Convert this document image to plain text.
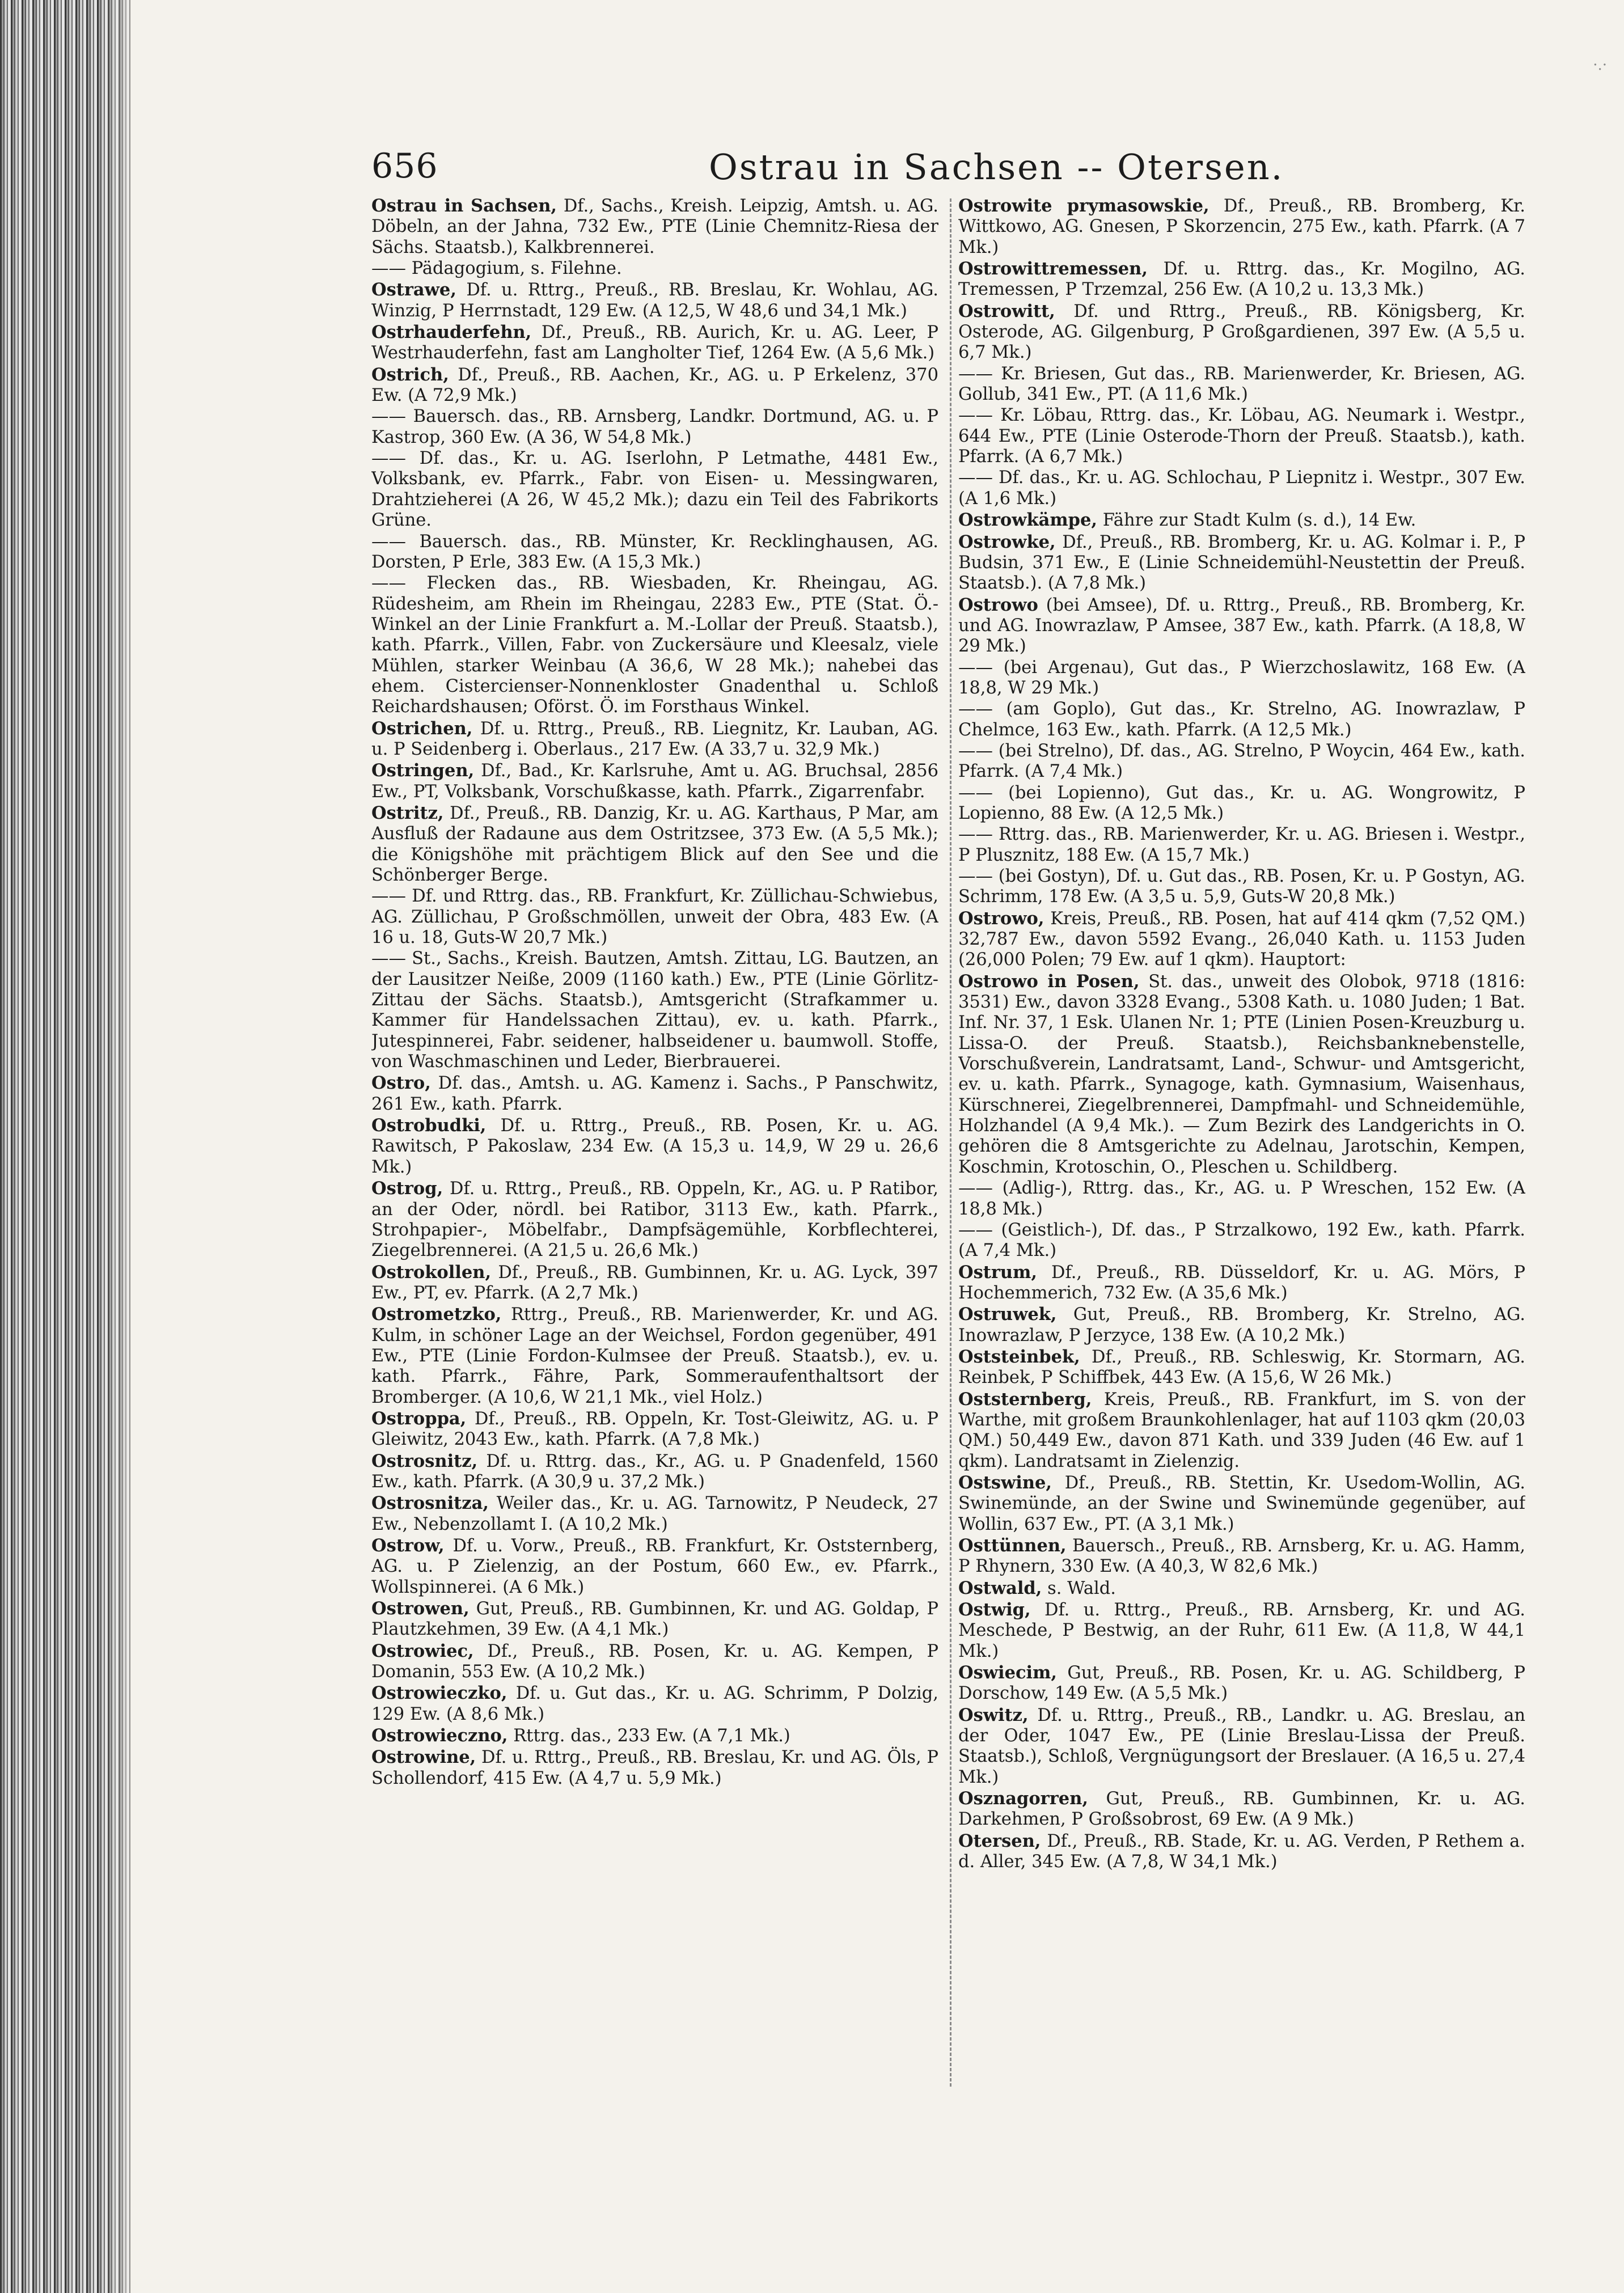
·.·
656	Ostrau in Sachsen -- Otersen.
Ostrau in Sachsen, Df., Sachs., Kreish. Leipzig, Amtsh. u. AG. Döbeln, an der Jahna, 732 Ew., PTE (Linie Chemnitz-Riesa der Sächs. Staatsb.), Kalkbrennerei.
—— Pädagogium, s. Filehne.
Ostrawe, Df. u. Rttrg., Preuß., RB. Breslau, Kr. Wohlau, AG. Winzig, P Herrnstadt, 129 Ew. (A 12,5, W 48,6 und 34,1 Mk.)
Ostrhauderfehn, Df., Preuß., RB. Aurich, Kr. u. AG. Leer, P Westrhauderfehn, fast am Langholter Tief, 1264 Ew. (A 5,6 Mk.)
Ostrich, Df., Preuß., RB. Aachen, Kr., AG. u. P Erkelenz, 370 Ew. (A 72,9 Mk.)
—— Bauersch. das., RB. Arnsberg, Landkr. Dortmund, AG. u. P Kastrop, 360 Ew. (A 36, W 54,8 Mk.)
—— Df. das., Kr. u. AG. Iserlohn, P Letmathe, 4481 Ew., Volksbank, ev. Pfarrk., Fabr. von Eisen- u. Messingwaren, Drahtzieherei (A 26, W 45,2 Mk.); dazu ein Teil des Fabrikorts Grüne.
—— Bauersch. das., RB. Münster, Kr. Recklinghausen, AG. Dorsten, P Erle, 383 Ew. (A 15,3 Mk.)
—— Flecken das., RB. Wiesbaden, Kr. Rheingau, AG. Rüdesheim, am Rhein im Rheingau, 2283 Ew., PTE (Stat. Ö.-Winkel an der Linie Frankfurt a. M.-Lollar der Preuß. Staatsb.), kath. Pfarrk., Villen, Fabr. von Zuckersäure und Kleesalz, viele Mühlen, starker Weinbau (A 36,6, W 28 Mk.); nahebei das ehem. Cistercienser-Nonnenkloster Gnadenthal u. Schloß Reichardshausen; Oförst. Ö. im Forsthaus Winkel.
Ostrichen, Df. u. Rttrg., Preuß., RB. Liegnitz, Kr. Lauban, AG. u. P Seidenberg i. Oberlaus., 217 Ew. (A 33,7 u. 32,9 Mk.)
Ostringen, Df., Bad., Kr. Karlsruhe, Amt u. AG. Bruchsal, 2856 Ew., PT, Volksbank, Vorschußkasse, kath. Pfarrk., Zigarrenfabr.
Ostritz, Df., Preuß., RB. Danzig, Kr. u. AG. Karthaus, P Mar, am Ausfluß der Radaune aus dem Ostritzsee, 373 Ew. (A 5,5 Mk.); die Königshöhe mit prächtigem Blick auf den See und die Schönberger Berge.
—— Df. und Rttrg. das., RB. Frankfurt, Kr. Züllichau-Schwiebus, AG. Züllichau, P Großschmöllen, unweit der Obra, 483 Ew. (A 16 u. 18, Guts-W 20,7 Mk.)
—— St., Sachs., Kreish. Bautzen, Amtsh. Zittau, LG. Bautzen, an der Lausitzer Neiße, 2009 (1160 kath.) Ew., PTE (Linie Görlitz-Zittau der Sächs. Staatsb.), Amtsgericht (Strafkammer u. Kammer für Handelssachen Zittau), ev. u. kath. Pfarrk., Jutespinnerei, Fabr. seidener, halbseidener u. baumwoll. Stoffe, von Waschmaschinen und Leder, Bierbrauerei.
Ostro, Df. das., Amtsh. u. AG. Kamenz i. Sachs., P Panschwitz, 261 Ew., kath. Pfarrk.
Ostrobudki, Df. u. Rttrg., Preuß., RB. Posen, Kr. u. AG. Rawitsch, P Pakoslaw, 234 Ew. (A 15,3 u. 14,9, W 29 u. 26,6 Mk.)
Ostrog, Df. u. Rttrg., Preuß., RB. Oppeln, Kr., AG. u. P Ratibor, an der Oder, nördl. bei Ratibor, 3113 Ew., kath. Pfarrk., Strohpapier-, Möbelfabr., Dampfsägemühle, Korbflechterei, Ziegelbrennerei. (A 21,5 u. 26,6 Mk.)
Ostrokollen, Df., Preuß., RB. Gumbinnen, Kr. u. AG. Lyck, 397 Ew., PT, ev. Pfarrk. (A 2,7 Mk.)
Ostrometzko, Rttrg., Preuß., RB. Marienwerder, Kr. und AG. Kulm, in schöner Lage an der Weichsel, Fordon gegenüber, 491 Ew., PTE (Linie Fordon-Kulmsee der Preuß. Staatsb.), ev. u. kath. Pfarrk., Fähre, Park, Sommeraufenthaltsort der Bromberger. (A 10,6, W 21,1 Mk., viel Holz.)
Ostroppa, Df., Preuß., RB. Oppeln, Kr. Tost-Gleiwitz, AG. u. P Gleiwitz, 2043 Ew., kath. Pfarrk. (A 7,8 Mk.)
Ostrosnitz, Df. u. Rttrg. das., Kr., AG. u. P Gnadenfeld, 1560 Ew., kath. Pfarrk. (A 30,9 u. 37,2 Mk.)
Ostrosnitza, Weiler das., Kr. u. AG. Tarnowitz, P Neudeck, 27 Ew., Nebenzollamt I. (A 10,2 Mk.)
Ostrow, Df. u. Vorw., Preuß., RB. Frankfurt, Kr. Oststernberg, AG. u. P Zielenzig, an der Postum, 660 Ew., ev. Pfarrk., Wollspinnerei. (A 6 Mk.)
Ostrowen, Gut, Preuß., RB. Gumbinnen, Kr. und AG. Goldap, P Plautzkehmen, 39 Ew. (A 4,1 Mk.)
Ostrowiec, Df., Preuß., RB. Posen, Kr. u. AG. Kempen, P Domanin, 553 Ew. (A 10,2 Mk.)
Ostrowieczko, Df. u. Gut das., Kr. u. AG. Schrimm, P Dolzig, 129 Ew. (A 8,6 Mk.)
Ostrowieczno, Rttrg. das., 233 Ew. (A 7,1 Mk.)
Ostrowine, Df. u. Rttrg., Preuß., RB. Breslau, Kr. und AG. Öls, P Schollendorf, 415 Ew. (A 4,7 u. 5,9 Mk.)
Ostrowite prymasowskie, Df., Preuß., RB. Bromberg, Kr. Wittkowo, AG. Gnesen, P Skorzencin, 275 Ew., kath. Pfarrk. (A 7 Mk.)
Ostrowittremessen, Df. u. Rttrg. das., Kr. Mogilno, AG. Tremessen, P Trzemzal, 256 Ew. (A 10,2 u. 13,3 Mk.)
Ostrowitt, Df. und Rttrg., Preuß., RB. Königsberg, Kr. Osterode, AG. Gilgenburg, P Großgardienen, 397 Ew. (A 5,5 u. 6,7 Mk.)
—— Kr. Briesen, Gut das., RB. Marienwerder, Kr. Briesen, AG. Gollub, 341 Ew., PT. (A 11,6 Mk.)
—— Kr. Löbau, Rttrg. das., Kr. Löbau, AG. Neumark i. Westpr., 644 Ew., PTE (Linie Osterode-Thorn der Preuß. Staatsb.), kath. Pfarrk. (A 6,7 Mk.)
—— Df. das., Kr. u. AG. Schlochau, P Liepnitz i. Westpr., 307 Ew. (A 1,6 Mk.)
Ostrowkämpe, Fähre zur Stadt Kulm (s. d.), 14 Ew.
Ostrowke, Df., Preuß., RB. Bromberg, Kr. u. AG. Kolmar i. P., P Budsin, 371 Ew., E (Linie Schneidemühl-Neustettin der Preuß. Staatsb.). (A 7,8 Mk.)
Ostrowo (bei Amsee), Df. u. Rttrg., Preuß., RB. Bromberg, Kr. und AG. Inowrazlaw, P Amsee, 387 Ew., kath. Pfarrk. (A 18,8, W 29 Mk.)
—— (bei Argenau), Gut das., P Wierzchoslawitz, 168 Ew. (A 18,8, W 29 Mk.)
—— (am Goplo), Gut das., Kr. Strelno, AG. Inowrazlaw, P Chelmce, 163 Ew., kath. Pfarrk. (A 12,5 Mk.)
—— (bei Strelno), Df. das., AG. Strelno, P Woycin, 464 Ew., kath. Pfarrk. (A 7,4 Mk.)
—— (bei Lopienno), Gut das., Kr. u. AG. Wongrowitz, P Lopienno, 88 Ew. (A 12,5 Mk.)
—— Rttrg. das., RB. Marienwerder, Kr. u. AG. Briesen i. Westpr., P Plusznitz, 188 Ew. (A 15,7 Mk.)
—— (bei Gostyn), Df. u. Gut das., RB. Posen, Kr. u. P Gostyn, AG. Schrimm, 178 Ew. (A 3,5 u. 5,9, Guts-W 20,8 Mk.)
Ostrowo, Kreis, Preuß., RB. Posen, hat auf 414 qkm (7,52 QM.) 32,787 Ew., davon 5592 Evang., 26,040 Kath. u. 1153 Juden (26,000 Polen; 79 Ew. auf 1 qkm). Hauptort:
Ostrowo in Posen, St. das., unweit des Olobok, 9718 (1816: 3531) Ew., davon 3328 Evang., 5308 Kath. u. 1080 Juden; 1 Bat. Inf. Nr. 37, 1 Esk. Ulanen Nr. 1; PTE (Linien Posen-Kreuzburg u. Lissa-O. der Preuß. Staatsb.), Reichsbanknebenstelle, Vorschußverein, Landratsamt, Land-, Schwur- und Amtsgericht, ev. u. kath. Pfarrk., Synagoge, kath. Gymnasium, Waisenhaus, Kürschnerei, Ziegelbrennerei, Dampfmahl- und Schneidemühle, Holzhandel (A 9,4 Mk.). — Zum Bezirk des Landgerichts in O. gehören die 8 Amtsgerichte zu Adelnau, Jarotschin, Kempen, Koschmin, Krotoschin, O., Pleschen u. Schildberg.
—— (Adlig-), Rttrg. das., Kr., AG. u. P Wreschen, 152 Ew. (A 18,8 Mk.)
—— (Geistlich-), Df. das., P Strzalkowo, 192 Ew., kath. Pfarrk. (A 7,4 Mk.)
Ostrum, Df., Preuß., RB. Düsseldorf, Kr. u. AG. Mörs, P Hochemmerich, 732 Ew. (A 35,6 Mk.)
Ostruwek, Gut, Preuß., RB. Bromberg, Kr. Strelno, AG. Inowrazlaw, P Jerzyce, 138 Ew. (A 10,2 Mk.)
Oststeinbek, Df., Preuß., RB. Schleswig, Kr. Stormarn, AG. Reinbek, P Schiffbek, 443 Ew. (A 15,6, W 26 Mk.)
Oststernberg, Kreis, Preuß., RB. Frankfurt, im S. von der Warthe, mit großem Braunkohlenlager, hat auf 1103 qkm (20,03 QM.) 50,449 Ew., davon 871 Kath. und 339 Juden (46 Ew. auf 1 qkm). Landratsamt in Zielenzig.
Ostswine, Df., Preuß., RB. Stettin, Kr. Usedom-Wollin, AG. Swinemünde, an der Swine und Swinemünde gegenüber, auf Wollin, 637 Ew., PT. (A 3,1 Mk.)
Osttünnen, Bauersch., Preuß., RB. Arnsberg, Kr. u. AG. Hamm, P Rhynern, 330 Ew. (A 40,3, W 82,6 Mk.)
Ostwald, s. Wald.
Ostwig, Df. u. Rttrg., Preuß., RB. Arnsberg, Kr. und AG. Meschede, P Bestwig, an der Ruhr, 611 Ew. (A 11,8, W 44,1 Mk.)
Oswiecim, Gut, Preuß., RB. Posen, Kr. u. AG. Schildberg, P Dorschow, 149 Ew. (A 5,5 Mk.)
Oswitz, Df. u. Rttrg., Preuß., RB., Landkr. u. AG. Breslau, an der Oder, 1047 Ew., PE (Linie Breslau-Lissa der Preuß. Staatsb.), Schloß, Vergnügungsort der Breslauer. (A 16,5 u. 27,4 Mk.)
Osznagorren, Gut, Preuß., RB. Gumbinnen, Kr. u. AG. Darkehmen, P Großsobrost, 69 Ew. (A 9 Mk.)
Otersen, Df., Preuß., RB. Stade, Kr. u. AG. Verden, P Rethem a. d. Aller, 345 Ew. (A 7,8, W 34,1 Mk.)
